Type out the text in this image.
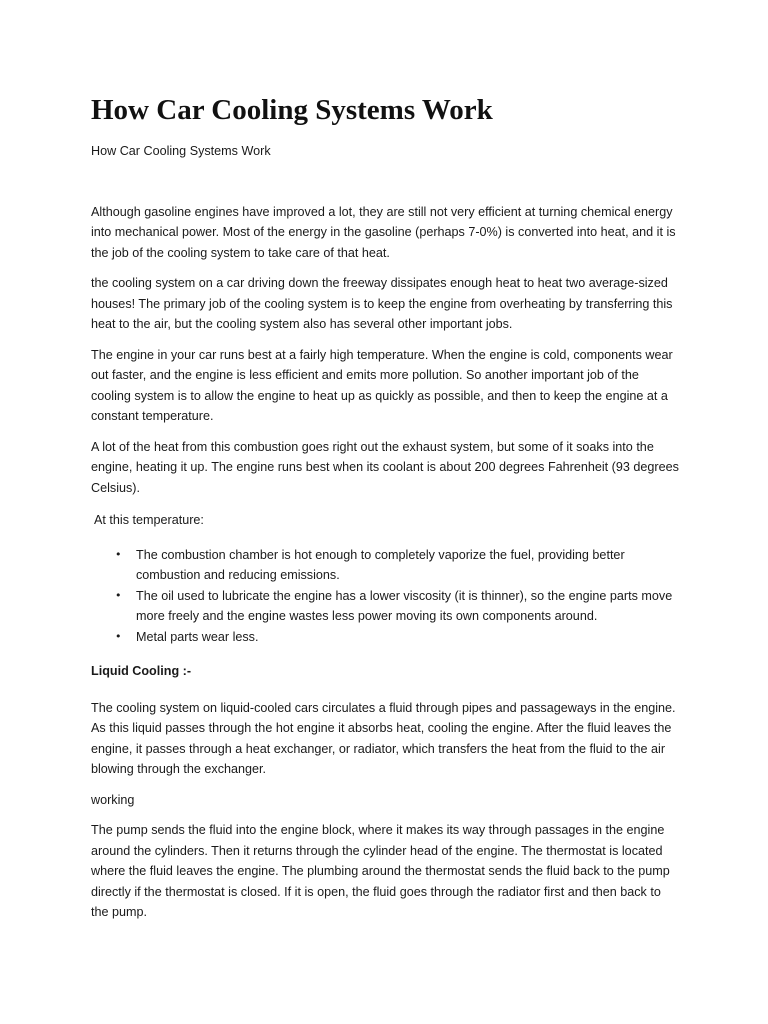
How Car Cooling Systems Work

How Car Cooling Systems Work

Although gasoline engines have improved a lot, they are still not very efficient at turning chemical energy into mechanical power. Most of the energy in the gasoline (perhaps 7-0%) is converted into heat, and it is the job of the cooling system to take care of that heat.

the cooling system on a car driving down the freeway dissipates enough heat to heat two average-sized houses! The primary job of the cooling system is to keep the engine from overheating by transferring this heat to the air, but the cooling system also has several other important jobs.

The engine in your car runs best at a fairly high temperature. When the engine is cold, components wear out faster, and the engine is less efficient and emits more pollution. So another important job of the cooling system is to allow the engine to heat up as quickly as possible, and then to keep the engine at a constant temperature.

A lot of the heat from this combustion goes right out the exhaust system, but some of it soaks into the engine, heating it up. The engine runs best when its coolant is about 200 degrees Fahrenheit (93 degrees Celsius).

At this temperature:

• The combustion chamber is hot enough to completely vaporize the fuel, providing better combustion and reducing emissions.
• The oil used to lubricate the engine has a lower viscosity (it is thinner), so the engine parts move more freely and the engine wastes less power moving its own components around.
• Metal parts wear less.

Liquid Cooling :-

The cooling system on liquid-cooled cars circulates a fluid through pipes and passageways in the engine. As this liquid passes through the hot engine it absorbs heat, cooling the engine. After the fluid leaves the engine, it passes through a heat exchanger, or radiator, which transfers the heat from the fluid to the air blowing through the exchanger.

working

The pump sends the fluid into the engine block, where it makes its way through passages in the engine around the cylinders. Then it returns through the cylinder head of the engine. The thermostat is located where the fluid leaves the engine. The plumbing around the thermostat sends the fluid back to the pump directly if the thermostat is closed. If it is open, the fluid goes through the radiator first and then back to the pump.
